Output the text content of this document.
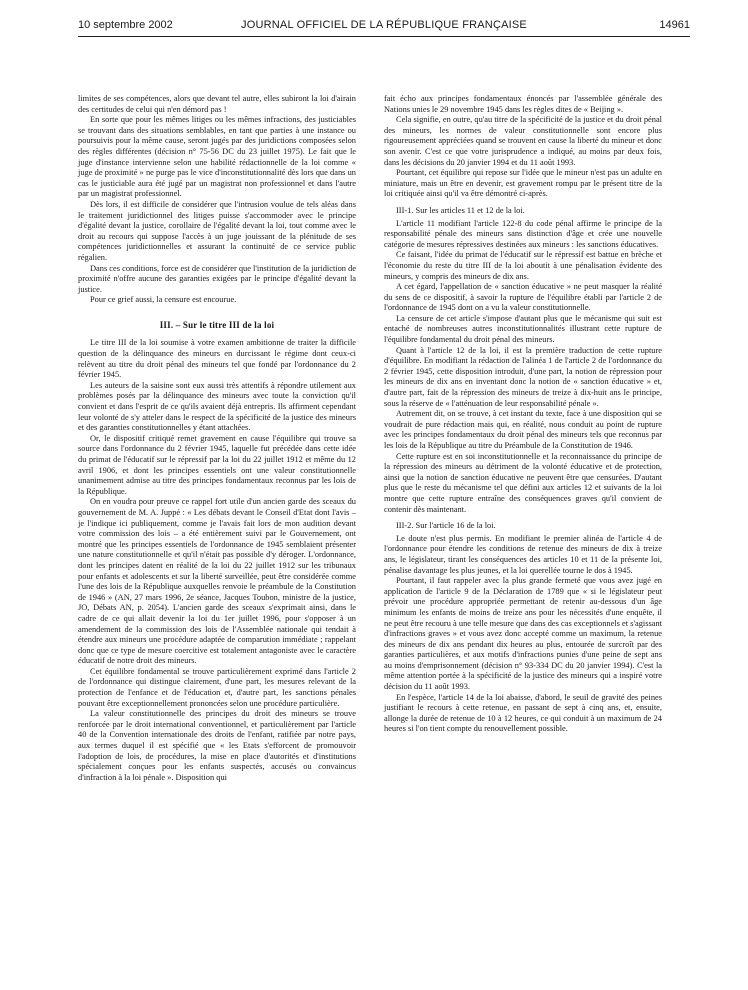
10 septembre 2002	JOURNAL OFFICIEL DE LA RÉPUBLIQUE FRANÇAISE	14961

limites de ses compétences, alors que devant tel autre, elles subiront la loi d'airain des certitudes de celui qui n'en démord pas !

En sorte que pour les mêmes litiges ou les mêmes infractions, des justiciables se trouvant dans des situations semblables, en tant que parties à une instance ou poursuivis pour la même cause, seront jugés par des juridictions composées selon des règles différentes (décision n° 75-56 DC du 23 juillet 1975). Le fait que le juge d'instance intervienne selon une habilité rédactionnelle de la loi comme « juge de proximité » ne purge pas le vice d'inconstitutionnalité dès lors que dans un cas le justiciable aura été jugé par un magistrat non professionnel et dans l'autre par un magistrat professionnel.

Dès lors, il est difficile de considérer que l'intrusion voulue de tels aléas dans le traitement juridictionnel des litiges puisse s'accommoder avec le principe d'égalité devant la justice, corollaire de l'égalité devant la loi, tout comme avec le droit au recours qui suppose l'accès à un juge jouissant de la plénitude de ses compétences juridictionnelles et assurant la continuité de ce service public régalien.

Dans ces conditions, force est de considérer que l'institution de la juridiction de proximité n'offre aucune des garanties exigées par le principe d'égalité devant la justice.

Pour ce grief aussi, la censure est encourue.

III. – Sur le titre III de la loi

Le titre III de la loi soumise à votre examen ambitionne de traiter la difficile question de la délinquance des mineurs en durcissant le régime dont ceux-ci relèvent au titre du droit pénal des mineurs tel que fondé par l'ordonnance du 2 février 1945.

Les auteurs de la saisine sont eux aussi très attentifs à répondre utilement aux problèmes posés par la délinquance des mineurs avec toute la conviction qu'il convient et dans l'esprit de ce qu'ils avaient déjà entrepris. Ils affirment cependant leur volonté de s'y atteler dans le respect de la spécificité de la justice des mineurs et des garanties constitutionnelles y étant attachées.

Or, le dispositif critiqué remet gravement en cause l'équilibre qui trouve sa source dans l'ordonnance du 2 février 1945, laquelle fut précédée dans cette idée du primat de l'éducatif sur le répressif par la loi du 22 juillet 1912 et même du 12 avril 1906, et dont les principes essentiels ont une valeur constitutionnelle unanimement admise au titre des principes fondamentaux reconnus par les lois de la République.

On en voudra pour preuve ce rappel fort utile d'un ancien garde des sceaux du gouvernement de M. A. Juppé : « Les débats devant le Conseil d'Etat dont l'avis – je l'indique ici publiquement, comme je l'avais fait lors de mon audition devant votre commission des lois – a été entièrement suivi par le Gouvernement, ont montré que les principes essentiels de l'ordonnance de 1945 semblaient présenter une nature constitutionnelle et qu'il n'était pas possible d'y déroger. L'ordonnance, dont les principes datent en réalité de la loi du 22 juillet 1912 sur les tribunaux pour enfants et adolescents et sur la liberté surveillée, peut être considérée comme l'une des lois de la République auxquelles renvoie le préambule de la Constitution de 1946 » (AN, 27 mars 1996, 2e séance, Jacques Toubon, ministre de la justice, JO, Débats AN, p. 2054). L'ancien garde des sceaux s'exprimait ainsi, dans le cadre de ce qui allait devenir la loi du 1er juillet 1996, pour s'opposer à un amendement de la commission des lois de l'Assemblée nationale qui tendait à étendre aux mineurs une procédure adaptée de comparution immédiate ; rappelant donc que ce type de mesure coercitive est totalement antagoniste avec le caractère éducatif de notre droit des mineurs.

Cet équilibre fondamental se trouve particulièrement exprimé dans l'article 2 de l'ordonnance qui distingue clairement, d'une part, les mesures relevant de la protection de l'enfance et de l'éducation et, d'autre part, les sanctions pénales pouvant être exceptionnellement prononcées selon une procédure particulière.

La valeur constitutionnelle des principes du droit des mineurs se trouve renforcée par le droit international conventionnel, et particulièrement par l'article 40 de la Convention internationale des droits de l'enfant, ratifiée par notre pays, aux termes duquel il est spécifié que « les Etats s'efforcent de promouvoir l'adoption de lois, de procédures, la mise en place d'autorités et d'institutions spécialement conçues pour les enfants suspectés, accusés ou convaincus d'infraction à la loi pénale ». Disposition qui

fait écho aux principes fondamentaux énoncés par l'assemblée générale des Nations unies le 29 novembre 1945 dans les règles dites de « Beijing ».

Cela signifie, en outre, qu'au titre de la spécificité de la justice et du droit pénal des mineurs, les normes de valeur constitutionnelle sont encore plus rigoureusement appréciées quand se trouvent en cause la liberté du mineur et donc son avenir. C'est ce que votre jurisprudence a indiqué, au moins par deux fois, dans les décisions du 20 janvier 1994 et du 11 août 1993.

Pourtant, cet équilibre qui repose sur l'idée que le mineur n'est pas un adulte en miniature, mais un être en devenir, est gravement rompu par le présent titre de la loi critiquée ainsi qu'il va être démontré ci-après.

III-1. Sur les articles 11 et 12 de la loi.

L'article 11 modifiant l'article 122-8 du code pénal affirme le principe de la responsabilité pénale des mineurs sans distinction d'âge et crée une nouvelle catégorie de mesures répressives destinées aux mineurs : les sanctions éducatives.

Ce faisant, l'idée du primat de l'éducatif sur le répressif est battue en brèche et l'économie du reste du titre III de la loi aboutit à une pénalisation évidente des mineurs, y compris des mineurs de dix ans.

A cet égard, l'appellation de « sanction éducative » ne peut masquer la réalité du sens de ce dispositif, à savoir la rupture de l'équilibre établi par l'article 2 de l'ordonnance de 1945 dont on a vu la valeur constitutionnelle.

La censure de cet article s'impose d'autant plus que le mécanisme qui suit est entaché de nombreuses autres inconstitutionnalités illustrant cette rupture de l'équilibre fondamental du droit pénal des mineurs.

Quant à l'article 12 de la loi, il est la première traduction de cette rupture d'équilibre. En modifiant la rédaction de l'alinéa 1 de l'article 2 de l'ordonnance du 2 février 1945, cette disposition introduit, d'une part, la notion de répression pour les mineurs de dix ans en inventant donc la notion de « sanction éducative » et, d'autre part, fait de la répression des mineurs de treize à dix-huit ans le principe, sous la réserve de « l'atténuation de leur responsabilité pénale ».

Autrement dit, on se trouve, à cet instant du texte, face à une disposition qui se voudrait de pure rédaction mais qui, en réalité, nous conduit au point de rupture avec les principes fondamentaux du droit pénal des mineurs tels que reconnus par les lois de la République au titre du Préambule de la Constitution de 1946.

Cette rupture est en soi inconstitutionnelle et la reconnaissance du principe de la répression des mineurs au détriment de la volonté éducative et de protection, ainsi que la notion de sanction éducative ne peuvent être que censurées. D'autant plus que le reste du mécanisme tel que défini aux articles 12 et suivants de la loi montre que cette rupture entraîne des conséquences graves qu'il convient de contenir dès maintenant.

III-2. Sur l'article 16 de la loi.

Le doute n'est plus permis. En modifiant le premier alinéa de l'article 4 de l'ordonnance pour étendre les conditions de retenue des mineurs de dix à treize ans, le législateur, tirant les conséquences des articles 10 et 11 de la présente loi, pénalise davantage les plus jeunes, et la loi querellée tourne le dos à 1945.

Pourtant, il faut rappeler avec la plus grande fermeté que vous avez jugé en application de l'article 9 de la Déclaration de 1789 que « si le législateur peut prévoir une procédure appropriée permettant de retenir au-dessous d'un âge minimum les enfants de moins de treize ans pour les nécessités d'une enquête, il ne peut être recouru à une telle mesure que dans des cas exceptionnels et s'agissant d'infractions graves » et vous avez donc accepté comme un maximum, la retenue des mineurs de dix ans pendant dix heures au plus, entourée de surcroît par des garanties particulières, et aux motifs d'infractions punies d'une peine de sept ans au moins d'emprisonnement (décision n° 93-334 DC du 20 janvier 1994). C'est la même attention portée à la spécificité de la justice des mineurs qui a inspiré votre décision du 11 août 1993.

En l'espèce, l'article 14 de la loi abaisse, d'abord, le seuil de gravité des peines justifiant le recours à cette retenue, en passant de sept à cinq ans, et, ensuite, allonge la durée de retenue de 10 à 12 heures, ce qui conduit à un maximum de 24 heures si l'on tient compte du renouvellement possible.
